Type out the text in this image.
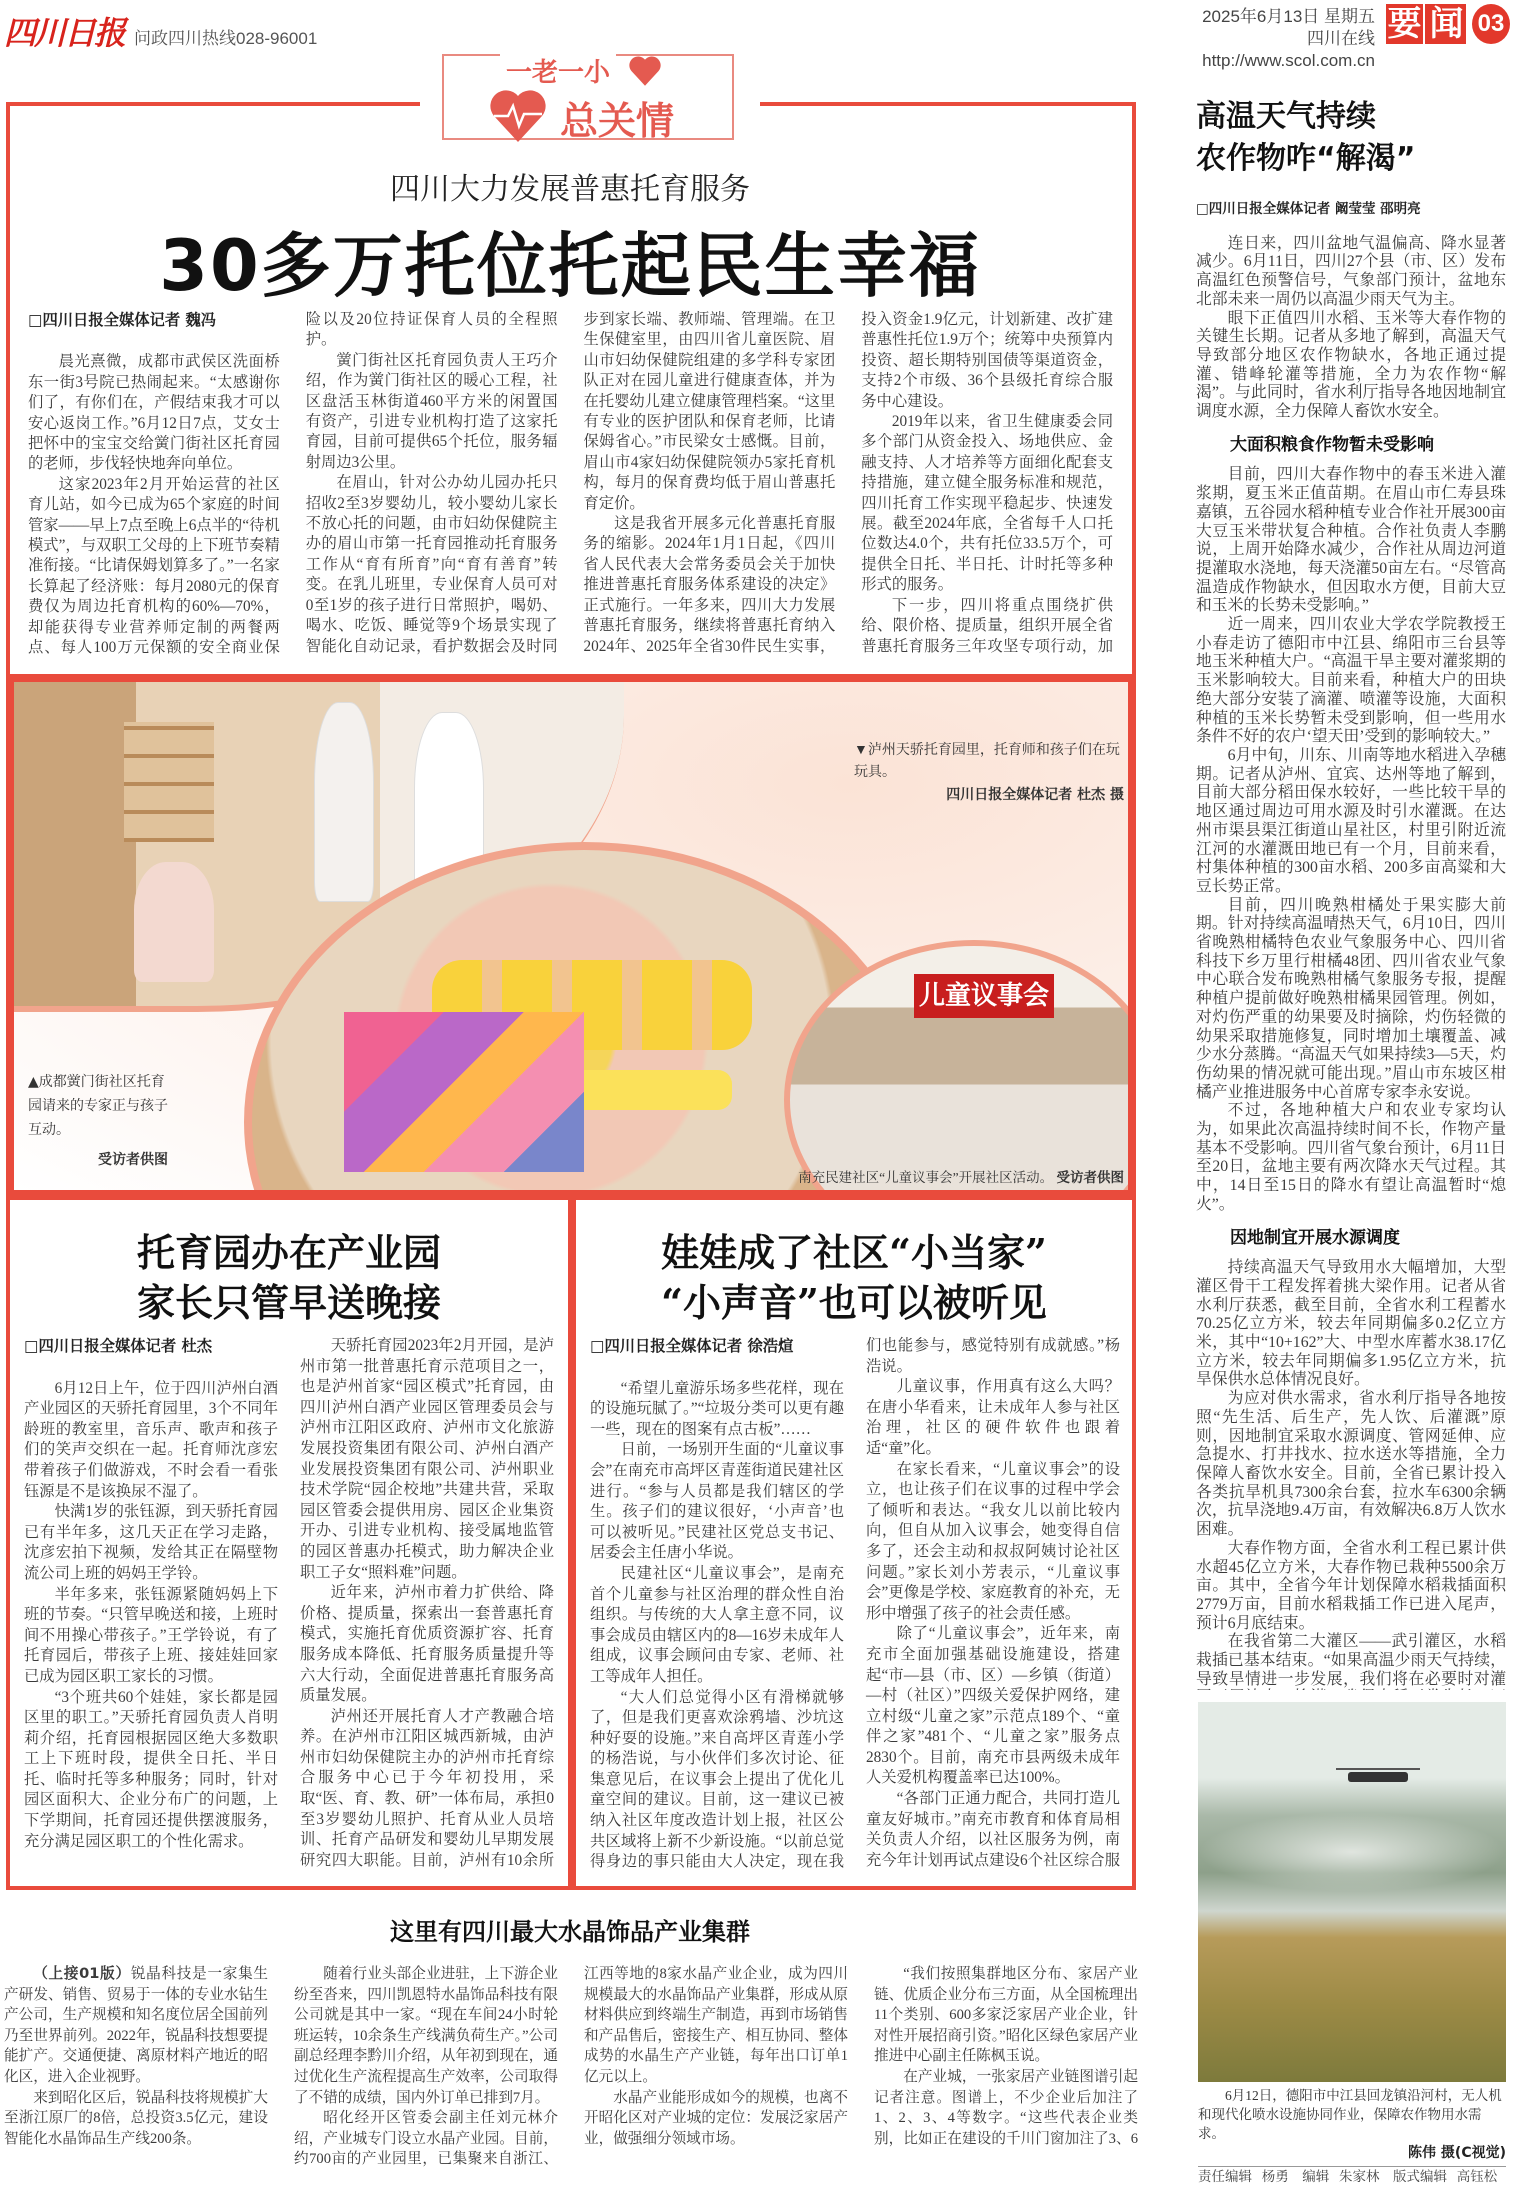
四川日报 问政四川热线028-96001
2025年6月13日 星期五
四川在线http://www.scol.com.cn
要 闻 03
一老一小
总关情
四川大力发展普惠托育服务
30多万托位托起民生幸福

□四川日报全媒体记者 魏冯

晨光熹微，成都市武侯区洗面桥东一街3号院已热闹起来。“太感谢你们了，有你们在，产假结束我才可以安心返岗工作。”6月12日7点，艾女士把怀中的宝宝交给黉门街社区托育园的老师，步伐轻快地奔向单位。

这家2023年2月开始运营的社区育儿站，如今已成为65个家庭的时间管家——早上7点至晚上6点半的“待机模式”，与双职工父母的上下班节奏精准衔接。“比请保姆划算多了。”一名家长算起了经济账：每月2080元的保育费仅为周边托育机构的60%—70%，却能获得专业营养师定制的两餐两点、每人100万元保额的安全商业保险以及20位持证保育人员的全程照护。

黉门街社区托育园负责人王巧介绍，作为黉门街社区的暖心工程，社区盘活玉林街道460平方米的闲置国有资产，引进专业机构打造了这家托育园，目前可提供65个托位，服务辐射周边3公里。

在眉山，针对公办幼儿园办托只招收2至3岁婴幼儿，较小婴幼儿家长不放心托的问题，由市妇幼保健院主办的眉山市第一托育园推动托育服务工作从“育有所育”向“育有善育”转变。在乳儿班里，专业保育人员可对0至1岁的孩子进行日常照护，喝奶、喝水、吃饭、睡觉等9个场景实现了智能化自动记录，看护数据会及时同步到家长端、教师端、管理端。在卫生保健室里，由四川省儿童医院、眉山市妇幼保健院组建的多学科专家团队正对在园儿童进行健康查体，并为在托婴幼儿建立健康管理档案。“这里有专业的医护团队和保育老师，比请保姆省心。”市民梁女士感慨。目前，眉山市4家妇幼保健院领办5家托育机构，每月的保育费均低于眉山普惠托育定价。

这是我省开展多元化普惠托育服务的缩影。2024年1月1日起，《四川省人民代表大会常务委员会关于加快推进普惠托育服务体系建设的决定》正式施行。一年多来，四川大力发展普惠托育服务，继续将普惠托育纳入2024年、2025年全省30件民生实事，投入资金1.9亿元，计划新建、改扩建普惠性托位1.9万个；统筹中央预算内投资、超长期特别国债等渠道资金，支持2个市级、36个县级托育综合服务中心建设。

2019年以来，省卫生健康委会同多个部门从资金投入、场地供应、金融支持、人才培养等方面细化配套支持措施，建立健全服务标准和规范，四川托育工作实现平稳起步、快速发展。截至2024年底，全省每千人口托位数达4.0个，共有托位33.5万个，可提供全日托、半日托、计时托等多种形式的服务。

下一步，四川将重点围绕扩供给、限价格、提质量，组织开展全省普惠托育服务三年攻坚专项行动，加

儿童议事会
▲成都黉门街社区托育园请来的专家正与孩子互动。
受访者供图
▼泸州天骄托育园里，托育师和孩子们在玩玩具。
四川日报全媒体记者 杜杰 摄
南充民建社区“儿童议事会”开展社区活动。 受访者供图
托育园办在产业园
家长只管早送晚接

□四川日报全媒体记者 杜杰

6月12日上午，位于四川泸州白酒产业园区的天骄托育园里，3个不同年龄班的教室里，音乐声、歌声和孩子们的笑声交织在一起。托育师沈彦宏带着孩子们做游戏，不时会看一看张钰源是不是该换尿不湿了。

快满1岁的张钰源，到天骄托育园已有半年多，这几天正在学习走路，沈彦宏拍下视频，发给其正在隔壁物流公司上班的妈妈王学铃。

半年多来，张钰源紧随妈妈上下班的节奏。“只管早晚送和接，上班时间不用操心带孩子。”王学铃说，有了托育园后，带孩子上班、接娃娃回家已成为园区职工家长的习惯。

“3个班共60个娃娃，家长都是园区里的职工。”天骄托育园负责人肖明莉介绍，托育园根据园区绝大多数职工上下班时段，提供全日托、半日托、临时托等多种服务；同时，针对园区面积大、企业分布广的问题，上下学期间，托育园还提供摆渡服务，充分满足园区职工的个性化需求。

天骄托育园2023年2月开园，是泸州市第一批普惠托育示范项目之一，也是泸州首家“园区模式”托育园，由四川泸州白酒产业园区管理委员会与泸州市江阳区政府、泸州市文化旅游发展投资集团有限公司、泸州白酒产业发展投资集团有限公司、泸州职业技术学院“园企校地”共建共营，采取园区管委会提供用房、园区企业集资开办、引进专业机构、接受属地监管的园区普惠办托模式，助力解决企业职工子女“照料难”问题。

近年来，泸州市着力扩供给、降价格、提质量，探索出一套普惠托育模式，实施托育优质资源扩容、托育服务成本降低、托育服务质量提升等六大行动，全面促进普惠托育服务高质量发展。

泸州还开展托育人才产教融合培养。在泸州市江阳区城西新城，由泸州市妇幼保健院主办的泸州市托育综合服务中心已于今年初投用，采取“医、育、教、研”一体布局，承担0至3岁婴幼儿照护、托育从业人员培训、托育产品研发和婴幼儿早期发展研究四大职能。目前，泸州有10余所

娃娃成了社区“小当家”
“小声音”也可以被听见

□四川日报全媒体记者 徐浩煊

“希望儿童游乐场多些花样，现在的设施玩腻了。”“垃圾分类可以更有趣一些，现在的图案有点古板”……

日前，一场别开生面的“儿童议事会”在南充市高坪区青莲街道民建社区进行。“参与人员都是我们辖区的学生。孩子们的建议很好，‘小声音’也可以被听见。”民建社区党总支书记、居委会主任唐小华说。

民建社区“儿童议事会”，是南充首个儿童参与社区治理的群众性自治组织。与传统的大人拿主意不同，议事会成员由辖区内的8—16岁未成年人组成，议事会顾问由专家、老师、社工等成年人担任。

“大人们总觉得小区有滑梯就够了，但是我们更喜欢涂鸦墙、沙坑这种好耍的设施。”来自高坪区青莲小学的杨浩说，与小伙伴们多次讨论、征集意见后，在议事会上提出了优化儿童空间的建议。目前，这一建议已被纳入社区年度改造计划上报，社区公共区域将上新不少新设施。“以前总觉得身边的事只能由大人决定，现在我们也能参与，感觉特别有成就感。”杨浩说。

儿童议事，作用真有这么大吗？在唐小华看来，让未成年人参与社区治理，社区的硬件软件也跟着适“童”化。

在家长看来，“儿童议事会”的设立，也让孩子们在议事的过程中学会了倾听和表达。“我女儿以前比较内向，但自从加入议事会，她变得自信多了，还会主动和叔叔阿姨讨论社区问题。”家长刘小芳表示，“儿童议事会”更像是学校、家庭教育的补充，无形中增强了孩子的社会责任感。

除了“儿童议事会”，近年来，南充市全面加强基础设施建设，搭建起“市—县（市、区）—乡镇（街道）—村（社区）”四级关爱保护网络，建立村级“儿童之家”示范点189个、“童伴之家”481个、“儿童之家”服务点2830个。目前，南充市县两级未成年人关爱机构覆盖率已达100%。

“各部门正通力配合，共同打造儿童友好城市。”南充市教育和体育局相关负责人介绍，以社区服务为例，南充今年计划再试点建设6个社区综合服

高温天气持续
农作物咋“解渴”

□四川日报全媒体记者 阚莹莹 邵明亮

连日来，四川盆地气温偏高、降水显著减少。6月11日，四川27个县（市、区）发布高温红色预警信号，气象部门预计，盆地东北部未来一周仍以高温少雨天气为主。

眼下正值四川水稻、玉米等大春作物的关键生长期。记者从多地了解到，高温天气导致部分地区农作物缺水，各地正通过提灌、错峰轮灌等措施，全力为农作物“解渴”。与此同时，省水利厅指导各地因地制宜调度水源，全力保障人畜饮水安全。

大面积粮食作物暂未受影响

目前，四川大春作物中的春玉米进入灌浆期，夏玉米正值苗期。在眉山市仁寿县珠嘉镇，五谷园水稻种植专业合作社开展300亩大豆玉米带状复合种植。合作社负责人李鹏说，上周开始降水减少，合作社从周边河道提灌取水浇地，每天浇灌50亩左右。“尽管高温造成作物缺水，但因取水方便，目前大豆和玉米的长势未受影响。”

近一周来，四川农业大学农学院教授王小春走访了德阳市中江县、绵阳市三台县等地玉米种植大户。“高温干旱主要对灌浆期的玉米影响较大。目前来看，种植大户的田块绝大部分安装了滴灌、喷灌等设施，大面积种植的玉米长势暂未受到影响，但一些用水条件不好的农户‘望天田’受到的影响较大。”

6月中旬，川东、川南等地水稻进入孕穗期。记者从泸州、宜宾、达州等地了解到，目前大部分稻田保水较好，一些比较干旱的地区通过周边可用水源及时引水灌溉。在达州市渠县渠江街道山星社区，村里引附近流江河的水灌溉田地已有一个月，目前来看，村集体种植的300亩水稻、200多亩高粱和大豆长势正常。

目前，四川晚熟柑橘处于果实膨大前期。针对持续高温晴热天气，6月10日，四川省晚熟柑橘特色农业气象服务中心、四川省科技下乡万里行柑橘48团、四川省农业气象中心联合发布晚熟柑橘气象服务专报，提醒种植户提前做好晚熟柑橘果园管理。例如，对灼伤严重的幼果要及时摘除，灼伤轻微的幼果采取措施修复，同时增加土壤覆盖、减少水分蒸腾。“高温天气如果持续3—5天，灼伤幼果的情况就可能出现。”眉山市东坡区柑橘产业推进服务中心首席专家李永安说。

不过，各地种植大户和农业专家均认为，如果此次高温持续时间不长，作物产量基本不受影响。四川省气象台预计，6月11日至20日，盆地主要有两次降水天气过程。其中，14日至15日的降水有望让高温暂时“熄火”。

因地制宜开展水源调度

持续高温天气导致用水大幅增加，大型灌区骨干工程发挥着挑大梁作用。记者从省水利厅获悉，截至目前，全省水利工程蓄水70.25亿立方米，较去年同期偏多0.2亿立方米，其中“10+162”大、中型水库蓄水38.17亿立方米，较去年同期偏多1.95亿立方米，抗旱保供水总体情况良好。

为应对供水需求，省水利厅指导各地按照“先生活、后生产，先人饮、后灌溉”原则，因地制宜采取水源调度、管网延伸、应急提水、打井找水、拉水送水等措施，全力保障人畜饮水安全。目前，全省已累计投入各类抗旱机具7300余台套，拉水车6300余辆次，抗旱浇地9.4万亩，有效解决6.8万人饮水困难。

大春作物方面，全省水利工程已累计供水超45亿立方米，大春作物已栽种5500余万亩。其中，全省今年计划保障水稻栽插面积2779万亩，目前水稻栽插工作已进入尾声，预计6月底结束。

在我省第二大灌区——武引灌区，水稻栽插已基本结束。“如果高温少雨天气持续，导致旱情进一步发展，我们将在必要时对灌

6月12日，德阳市中江县回龙镇沿河村，无人机和现代化喷水设施协同作业，保障农作物用水需求。
陈伟 摄(C视觉)
责任编辑 杨勇　编辑 朱家林　版式编辑 高钰松
这里有四川最大水晶饰品产业集群

（上接01版）锐晶科技是一家集生产研发、销售、贸易于一体的专业水钻生产公司，生产规模和知名度位居全国前列乃至世界前列。2022年，锐晶科技想要提能扩产。交通便捷、离原材料产地近的昭化区，进入企业视野。

来到昭化区后，锐晶科技将规模扩大至浙江原厂的8倍，总投资3.5亿元，建设智能化水晶饰品生产线200条。

随着行业头部企业进驻，上下游企业纷至沓来，四川凯恩特水晶饰品科技有限公司就是其中一家。“现在车间24小时轮班运转，10余条生产线满负荷生产。”公司副总经理李黔川介绍，从年初到现在，通过优化生产流程提高生产效率，公司取得了不错的成绩，国内外订单已排到7月。

昭化经开区管委会副主任刘元林介绍，产业城专门设立水晶产业园。目前，约700亩的产业园里，已集聚来自浙江、江西等地的8家水晶产业企业，成为四川规模最大的水晶饰品产业集群，形成从原材料供应到终端生产制造，再到市场销售和产品售后，密接生产、相互协同、整体成势的水晶生产产业链，每年出口订单1亿元以上。

水晶产业能形成如今的规模，也离不开昭化区对产业城的定位：发展泛家居产业，做强细分领域市场。

“我们按照集群地区分布、家居产业链、优质企业分布三方面，从全国梳理出11个类别、600多家泛家居产业企业，针对性开展招商引资。”昭化区绿色家居产业推进中心副主任陈枫玉说。

在产业城，一张家居产业链图谱引起记者注意。图谱上，不少企业后加注了1、2、3、4等数字。“这些代表企业类别，比如正在建设的千川门窗加注了3、6
